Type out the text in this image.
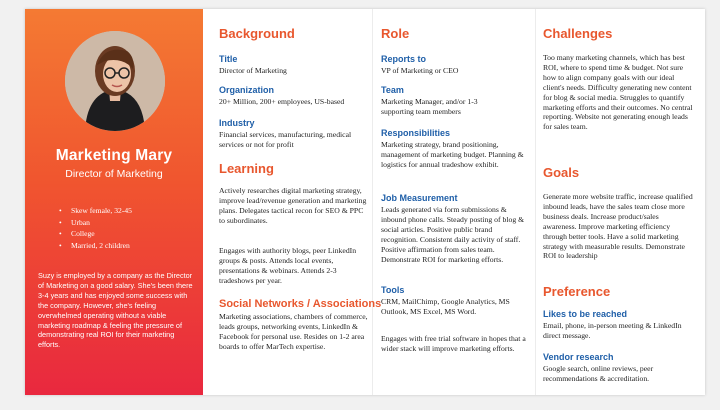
Marketing Mary
Director of Marketing
• Skew female, 32-45
• Urban
• College
• Married, 2 children
Suzy is employed by a company as the Director of Marketing on a good salary. She's been there 3-4 years and has enjoyed some success with the company. However, she's feeling overwhelmed operating without a viable marketing roadmap & feeling the pressure of demonstrating real ROI for their marketing efforts.
Background
Title
Director of Marketing
Organization
20+ Million, 200+ employees, US-based
Industry
Financial services, manufacturing, medical services or not for profit
Learning
Actively researches digital marketing strategy, improve lead/revenue generation and marketing plans. Delegates tactical recon for SEO & PPC to subordinates.
Engages with authority blogs, peer LinkedIn groups & posts. Attends local events, presentations & webinars. Attends 2-3 tradeshows per year.
Social Networks / Associations
Marketing associations, chambers of commerce, leads groups, networking events, LinkedIn & Facebook for personal use. Resides on 1-2 area boards to offer MarTech expertise.
Role
Reports to
VP of Marketing or CEO
Team
Marketing Manager, and/or 1-3 supporting team members
Responsibilities
Marketing strategy, brand positioning, management of marketing budget. Planning & logistics for annual tradeshow exhibit.
Job Measurement
Leads generated via form submissions & inbound phone calls. Steady posting of blog & social articles. Positive public brand recognition. Consistent daily activity of staff. Positive affirmation from sales team. Demonstrate ROI for marketing efforts.
Tools
CRM, MailChimp, Google Analytics, MS Outlook, MS Excel, MS Word.
Engages with free trial software in hopes that a wider stack will improve marketing efforts.
Challenges
Too many marketing channels, which has best ROI, where to spend time & budget. Not sure how to align company goals with our ideal client's needs. Difficulty generating new content for blog & social media. Struggles to quantify marketing efforts and their outcomes. No central reporting. Website not generating enough leads for sales team.
Goals
Generate more website traffic, increase qualified inbound leads, have the sales team close more business deals. Increase product/sales awareness. Improve marketing efficiency through better tools. Have a solid marketing strategy with measurable results. Demonstrate ROI to leadership
Preference
Likes to be reached
Email, phone, in-person meeting & LinkedIn direct message.
Vendor research
Google search, online reviews, peer recommendations & accreditation.
